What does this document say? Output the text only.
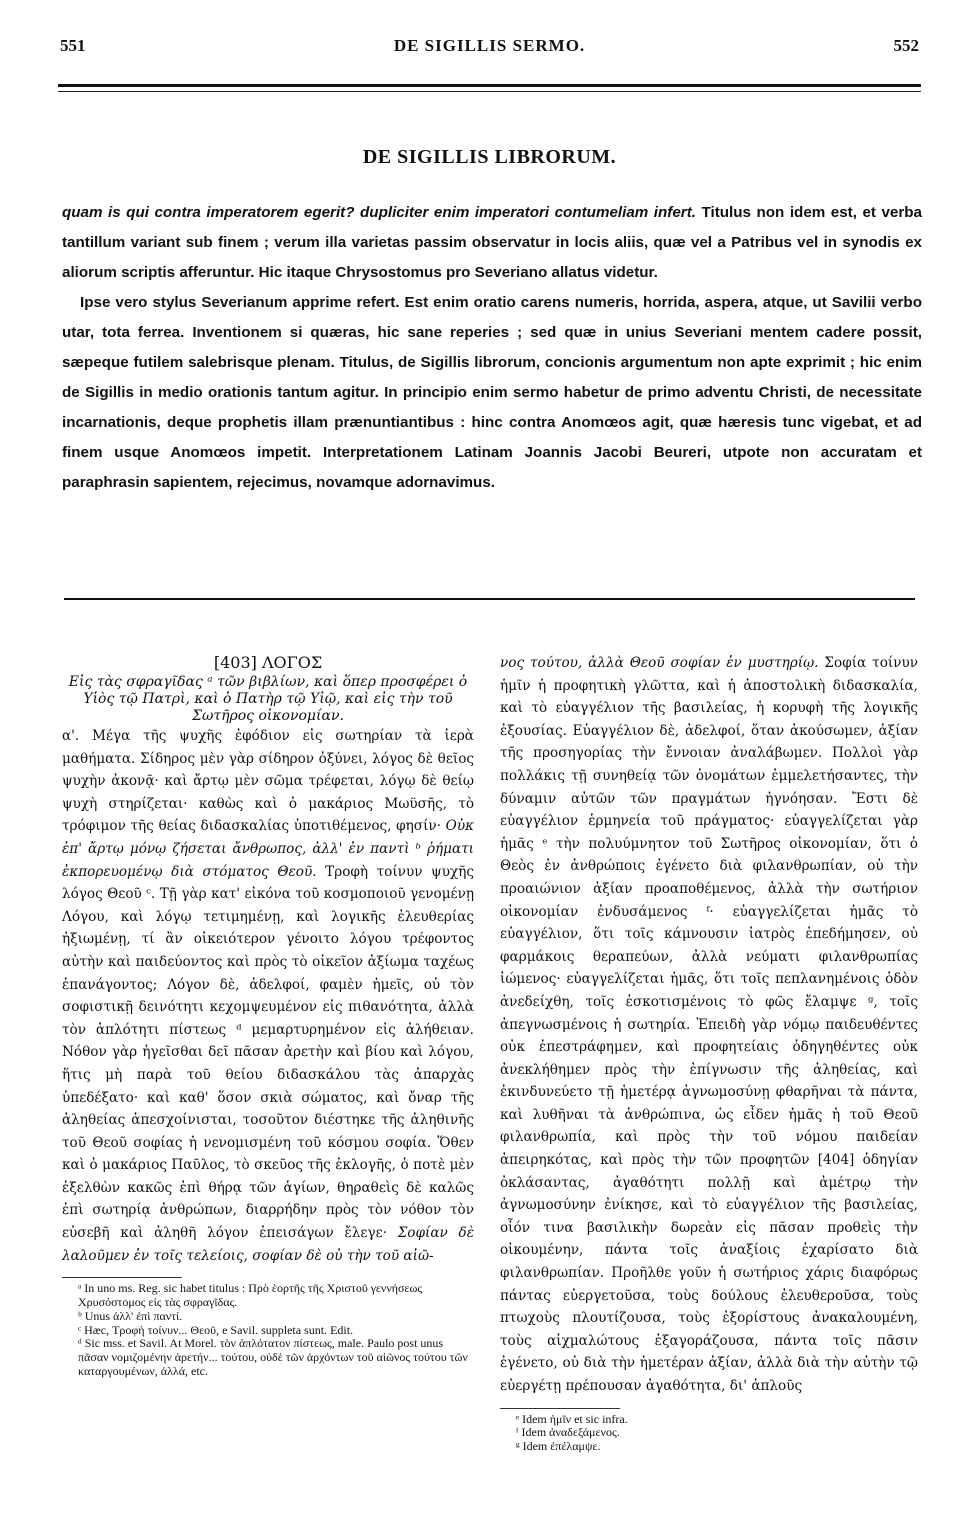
551	DE SIGILLIS SERMO.	552
DE SIGILLIS LIBRORUM.

quam is qui contra imperatorem egerit? dupliciter enim imperatori contumeliam infert. Titulus non idem est, et verba tantillum variant sub finem ; verum illa varietas passim observatur in locis aliis, quæ vel a Patribus vel in synodis ex aliorum scriptis afferuntur. Hic itaque Chrysostomus pro Severiano allatus videtur.

Ipse vero stylus Severianum apprime refert. Est enim oratio carens numeris, horrida, aspera, atque, ut Savilii verbo utar, tota ferrea. Inventionem si quæras, hic sane reperies ; sed quæ in unius Severiani mentem cadere possit, sæpeque futilem salebrisque plenam. Titulus, de Sigillis librorum, concionis argumentum non apte exprimit ; hic enim de Sigillis in medio orationis tantum agitur. In principio enim sermo habetur de primo adventu Christi, de necessitate incarnationis, deque prophetis illam prænuntiantibus : hinc contra Anomœos agit, quæ hæresis tunc vigebat, et ad finem usque Anomœos impetit. Interpretationem Latinam Joannis Jacobi Beureri, utpote non accuratam et paraphrasin sapientem, rejecimus, novamque adornavimus.

[403] ΛΟΓΟΣ

Εἰς τὰς σφραγῖδας ᵃ τῶν βιβλίων, καὶ ὅπερ προσφέρει ὁ Υἱὸς τῷ Πατρὶ, καὶ ὁ Πατὴρ τῷ Υἱῷ, καὶ εἰς τὴν τοῦ Σωτῆρος οἰκονομίαν.

α'. Μέγα τῆς ψυχῆς ἐφόδιον εἰς σωτηρίαν τὰ ἱερὰ μαθήματα. Σίδηρος μὲν γὰρ σίδηρον ὀξύνει, λόγος δὲ θεῖος ψυχὴν ἀκονᾷ· καὶ ἄρτῳ μὲν σῶμα τρέφεται, λόγῳ δὲ θείῳ ψυχὴ στηρίζεται· καθὼς καὶ ὁ μακάριος Μωϋσῆς, τὸ τρόφιμον τῆς θείας διδασκαλίας ὑποτιθέμενος, φησίν· Οὐκ ἐπ' ἄρτῳ μόνῳ ζήσεται ἄνθρωπος, ἀλλ' ἐν παντὶ ᵇ ῥήματι ἐκπορευομένῳ διὰ στόματος Θεοῦ. Τροφὴ τοίνυν ψυχῆς λόγος Θεοῦ ᶜ. Τῇ γὰρ κατ' εἰκόνα τοῦ κοσμοποιοῦ γενομένῃ Λόγου, καὶ λόγῳ τετιμημένῃ, καὶ λογικῆς ἐλευθερίας ἠξιωμένῃ, τί ἂν οἰκειότερον γένοιτο λόγου τρέφοντος αὐτὴν καὶ παιδεύοντος καὶ πρὸς τὸ οἰκεῖον ἀξίωμα ταχέως ἐπανάγοντος; Λόγον δὲ, ἀδελφοί, φαμὲν ἡμεῖς, οὐ τὸν σοφιστικῇ δεινότητι κεχομψευμένον εἰς πιθανότητα, ἀλλὰ τὸν ἁπλότητι πίστεως ᵈ μεμαρτυρημένον εἰς ἀλήθειαν. Νόθον γὰρ ἡγεῖσθαι δεῖ πᾶσαν ἀρετὴν καὶ βίου καὶ λόγου, ἥτις μὴ παρὰ τοῦ θείου διδασκάλου τὰς ἀπαρχὰς ὑπεδέξατο· καὶ καθ' ὅσον σκιὰ σώματος, καὶ ὄναρ τῆς ἀληθείας ἀπεσχοίνισται, τοσοῦτον διέστηκε τῆς ἀληθινῆς τοῦ Θεοῦ σοφίας ἡ νενομισμένη τοῦ κόσμου σοφία. Ὅθεν καὶ ὁ μακάριος Παῦλος, τὸ σκεῦος τῆς ἐκλογῆς, ὁ ποτὲ μὲν ἐξελθὼν κακῶς ἐπὶ θήρᾳ τῶν ἁγίων, θηραθεὶς δὲ καλῶς ἐπὶ σωτηρίᾳ ἀνθρώπων, διαρρήδην πρὸς τὸν νόθον τὸν εὐσεβῆ καὶ ἀληθῆ λόγον ἐπεισάγων ἔλεγε· Σοφίαν δὲ λαλοῦμεν ἐν τοῖς τελείοις, σοφίαν δὲ οὐ τὴν τοῦ αἰῶ-

ᵃ In uno ms. Reg. sic habet titulus : Πρὸ ἑορτῆς τῆς Χριστοῦ γεννήσεως Χρυσόστομος εἰς τὰς σφραγῖδας.

ᵇ Unus ἀλλ' ἐπὶ παντί.

ᶜ Hæc, Τροφὴ τοίνυν... Θεοῦ, e Savil. suppleta sunt. Edit.

ᵈ Sic mss. et Savil. At Morel. τὸν ἁπλότατον πίστεως, male. Paulo post unus πᾶσαν νομιζομένην ἀρετήν... τούτου, οὐδὲ τῶν ἀρχόντων τοῦ αἰῶνος τούτου τῶν καταργουμένων, ἀλλά, etc.

νος τούτου, ἀλλὰ Θεοῦ σοφίαν ἐν μυστηρίῳ. Σοφία τοίνυν ἡμῖν ἡ προφητικὴ γλῶττα, καὶ ἡ ἀποστολικὴ διδασκαλία, καὶ τὸ εὐαγγέλιον τῆς βασιλείας, ἡ κορυφὴ τῆς λογικῆς ἐξουσίας. Εὐαγγέλιον δὲ, ἀδελφοί, ὅταν ἀκούσωμεν, ἀξίαν τῆς προσηγορίας τὴν ἔννοιαν ἀναλάβωμεν. Πολλοὶ γὰρ πολλάκις τῇ συνηθείᾳ τῶν ὀνομάτων ἐμμελετήσαντες, τὴν δύναμιν αὐτῶν τῶν πραγμάτων ἠγνόησαν. Ἔστι δὲ εὐαγγέλιον ἑρμηνεία τοῦ πράγματος· εὐαγγελίζεται γὰρ ἡμᾶς ᵉ τὴν πολυύμνητον τοῦ Σωτῆρος οἰκονομίαν, ὅτι ὁ Θεὸς ἐν ἀνθρώποις ἐγένετο διὰ φιλανθρωπίαν, οὐ τὴν προαιώνιον ἀξίαν προαποθέμενος, ἀλλὰ τὴν σωτήριον οἰκονομίαν ἐνδυσάμενος ᶠ· εὐαγγελίζεται ἡμᾶς τὸ εὐαγγέλιον, ὅτι τοῖς κάμνουσιν ἰατρὸς ἐπεδήμησεν, οὐ φαρμάκοις θεραπεύων, ἀλλὰ νεύματι φιλανθρωπίας ἰώμενος· εὐαγγελίζεται ἡμᾶς, ὅτι τοῖς πεπλανημένοις ὁδὸν ἀνεδείχθη, τοῖς ἐσκοτισμένοις τὸ φῶς ἔλαμψε ᵍ, τοῖς ἀπεγνωσμένοις ἡ σωτηρία. Ἐπειδὴ γὰρ νόμῳ παιδευθέντες οὐκ ἐπεστράφημεν, καὶ προφητείαις ὁδηγηθέντες οὐκ ἀνεκλήθημεν πρὸς τὴν ἐπίγνωσιν τῆς ἀληθείας, καὶ ἐκινδυνεύετο τῇ ἡμετέρᾳ ἀγνωμοσύνῃ φθαρῆναι τὰ πάντα, καὶ λυθῆναι τὰ ἀνθρώπινα, ὡς εἶδεν ἡμᾶς ἡ τοῦ Θεοῦ φιλανθρωπία, καὶ πρὸς τὴν τοῦ νόμου παιδείαν ἀπειρηκότας, καὶ πρὸς τὴν τῶν προφητῶν [404] ὁδηγίαν ὀκλάσαντας, ἀγαθότητι πολλῇ καὶ ἀμέτρῳ τὴν ἀγνωμοσύνην ἐνίκησε, καὶ τὸ εὐαγγέλιον τῆς βασιλείας, οἷόν τινα βασιλικὴν δωρεὰν εἰς πᾶσαν προθεὶς τὴν οἰκουμένην, πάντα τοῖς ἀναξίοις ἐχαρίσατο διὰ φιλανθρωπίαν. Προῆλθε γοῦν ἡ σωτήριος χάρις διαφόρως πάντας εὐεργετοῦσα, τοὺς δούλους ἐλευθεροῦσα, τοὺς πτωχοὺς πλουτίζουσα, τοὺς ἐξορίστους ἀνακαλουμένη, τοὺς αἰχμαλώτους ἐξαγοράζουσα, πάντα τοῖς πᾶσιν ἐγένετο, οὐ διὰ τὴν ἡμετέραν ἀξίαν, ἀλλὰ διὰ τὴν αὐτὴν τῷ εὐεργέτῃ πρέπουσαν ἀγαθότητα, δι' ἁπλοῦς

ᵉ Idem ἡμῖν et sic infra.

ᶠ Idem ἀναδεξάμενος.

ᵍ Idem ἐπέλαμψε.
